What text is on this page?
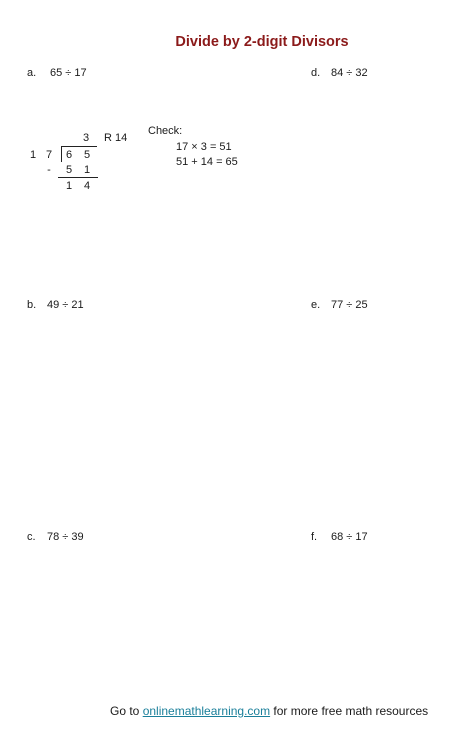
Divide by 2-digit Divisors
a. 65 ÷ 17	d. 84 ÷ 32
b. 49 ÷ 21	e. 77 ÷ 25
c. 78 ÷ 39	f. 68 ÷ 17
3	R 14
1 7	6	5
-	5	1
1	4
Check:
17 × 3 = 51
51 + 14 = 65
Go to onlinemathlearning.com for more free math resources
